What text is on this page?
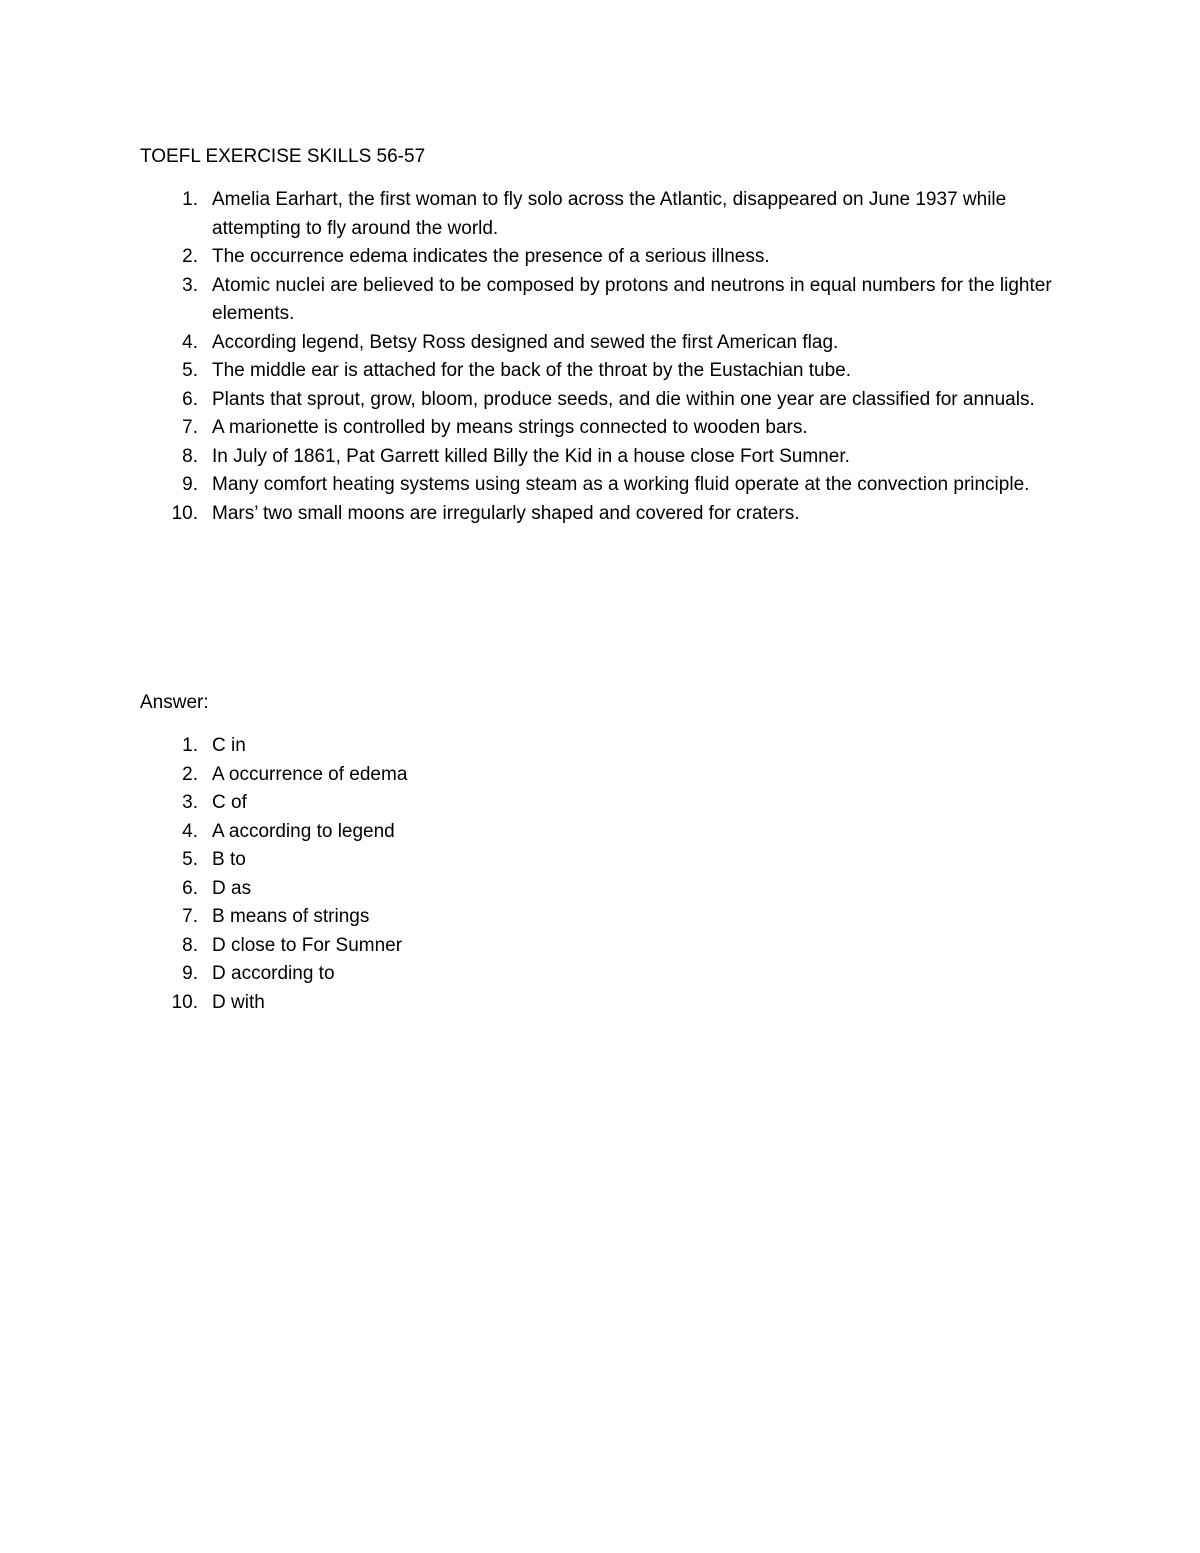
TOEFL EXERCISE SKILLS 56-57
1. Amelia Earhart, the first woman to fly solo across the Atlantic, disappeared on June 1937 while attempting to fly around the world.
2. The occurrence edema indicates the presence of a serious illness.
3. Atomic nuclei are believed to be composed by protons and neutrons in equal numbers for the lighter elements.
4. According legend, Betsy Ross designed and sewed the first American flag.
5. The middle ear is attached for the back of the throat by the Eustachian tube.
6. Plants that sprout, grow, bloom, produce seeds, and die within one year are classified for annuals.
7. A marionette is controlled by means strings connected to wooden bars.
8. In July of 1861, Pat Garrett killed Billy the Kid in a house close Fort Sumner.
9. Many comfort heating systems using steam as a working fluid operate at the convection principle.
10. Mars’ two small moons are irregularly shaped and covered for craters.
Answer:
1. C in
2. A occurrence of edema
3. C of
4. A according to legend
5. B to
6. D as
7. B means of strings
8. D close to For Sumner
9. D according to
10. D with
